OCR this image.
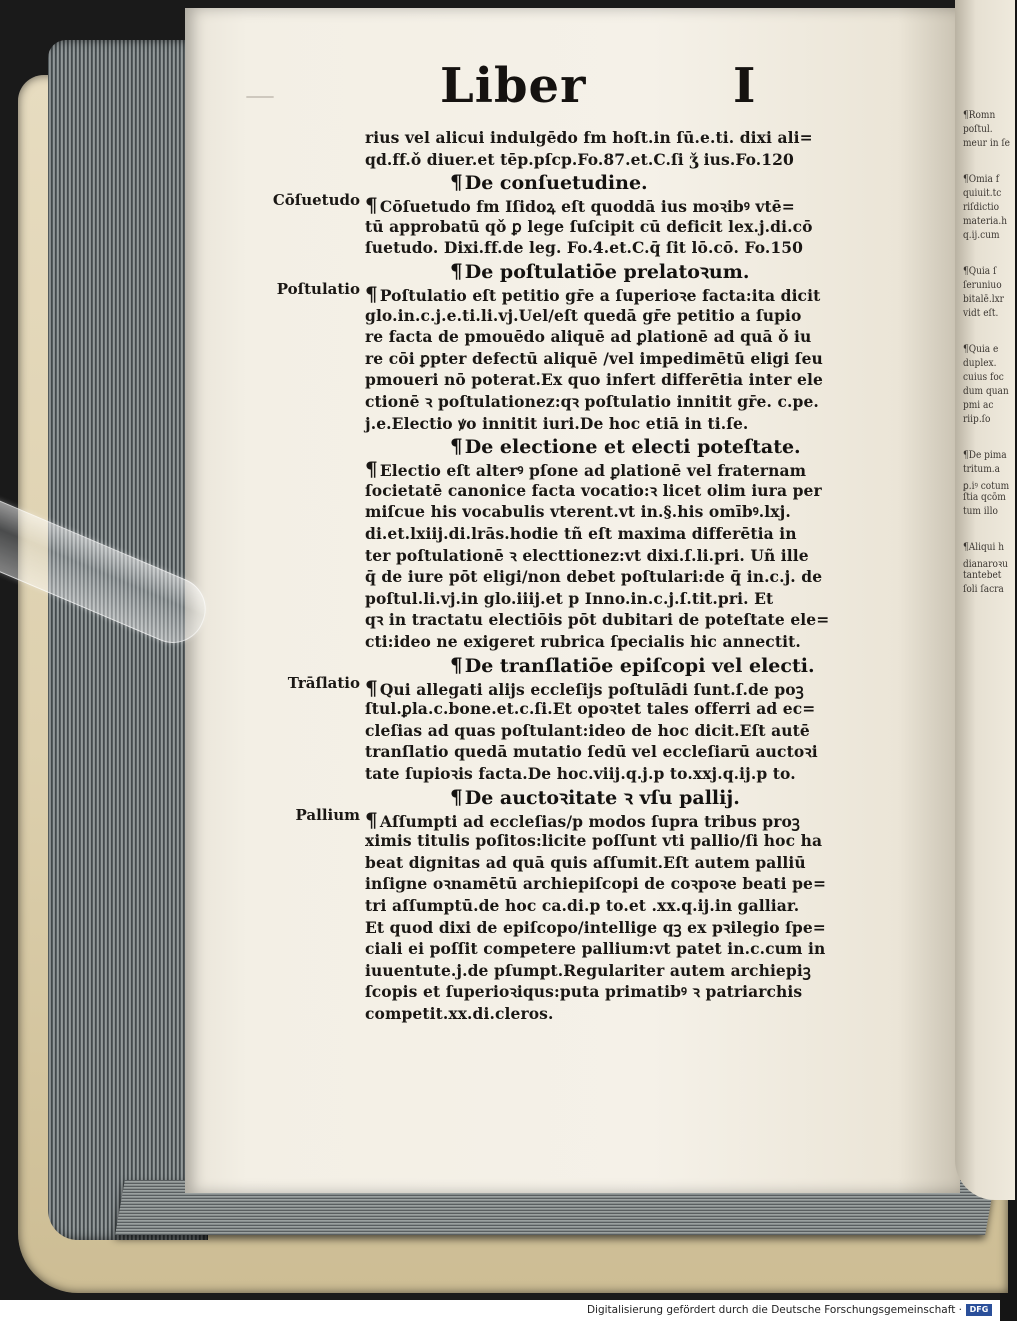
—
¶Romn
poſtul.
meur in ſe
¶Omia f
quiuit.tc
riſdictio
materia.h
q.ij.cum
¶Quia ſ
ſeruniuo
bitalē.lxr
vidt eſt.
¶Quia e
duplex.
cuius foc
dum quan
pmi ac
riip.ſo
¶De pima
tritum.a
ꝑ.iꝰ cotum
ſtia qcōm
tum illo
¶Aliqui h
dianaroꝛu
tantebet
ſoli ſacra
Liber	I
rius vel alicui indulgēdo fm hoſt.in ſū.e.ti. dixi ali=
qd.ff.ǒ diuer.et tēp.pſcp.Fo.87.et.C.ſi ǯ ius.Fo.120
¶ De conſuetudine.
Cōſuetudo ¶ Cōſuetudo fm Iſidoꝝ eſt quoddā ius moꝛibꝰ vtē=
tū approbatū qǒ ꝑ lege ſuſcipit cū deficit lex.j.di.cō
ſuetudo. Dixi.ff.de leg. Fo.4.et.C.q̄ ſit lō.cō. Fo.150
¶ De poſtulatiōe prelatoꝛum.
Poſtulatio ¶ Poſtulatio eſt petitio gr̄e a ſuperioꝛe facta:ita dicit
glo.in.c.j.e.ti.li.vj.Uel/eſt quedā gr̄e petitio a ſupio
re facta de pmouēdo aliquē ad ꝑlationē ad quā ǒ iu
re cōi ꝑpter defectū aliquē /vel impedimētū eligi ſeu
pmoueri nō poterat.Ex quo infert differētia inter ele
ctionē ꝛ poſtulationez:qꝛ poſtulatio innitit gr̄e. c.pe.
j.e.Electio ꝟo innitit iuri.De hoc etiā in ti.ſe.
¶ De electione et electi poteſtate.
¶ Electio eſt alterꝰ pſone ad ꝑlationē vel fraternam
ſocietatē canonice facta vocatio:ꝛ licet olim iura per
miſcue his vocabulis vterent.vt in.§.his omībꝰ.lxj.
di.et.lxiij.di.lrās.hodie tñ eſt maxima differētia in
ter poſtulationē ꝛ electtionez:vt dixi.ſ.li.pri. Uñ ille
q̄ de iure pōt eligi/non debet poſtulari:de q̄ in.c.j. de
poſtul.li.vj.in glo.iiij.et p Inno.in.c.j.ſ.tit.pri. Et
qꝛ in tractatu electiōis pōt dubitari de poteſtate ele=
cti:ideo ne exigeret rubrica ſpecialis hic annectit.
¶ De tranſlatiōe epiſcopi vel electi.
Trāſlatio ¶ Qui allegati alijs eccleſijs poſtulādi ſunt.ſ.de poꝫ
ſtul.ꝑla.c.bone.et.c.ſi.Et opoꝛtet tales offerri ad ec=
cleſias ad quas poſtulant:ideo de hoc dicit.Eſt autē
tranſlatio quedā mutatio ſedū vel eccleſiarū auctoꝛi
tate ſupioꝛis facta.De hoc.viij.q.j.p to.xxj.q.ij.p to.
¶ De auctoꝛitate ꝛ vſu pallij.
Pallium ¶ Aſſumpti ad eccleſias/p modos ſupra tribus proꝫ
ximis titulis poſitos:licite poſſunt vti pallio/ſi hoc ha
beat dignitas ad quā quis aſſumit.Eſt autem palliū
inſigne oꝛnamētū archiepiſcopi de coꝛpoꝛe beati pe=
tri aſſumptū.de hoc ca.di.p to.et .xx.q.ij.in galliar.
Et quod dixi de epiſcopo/intellige qꝫ ex pꝛilegio ſpe=
ciali ei poſſit competere pallium:vt patet in.c.cum in
iuuentute.j.de pſumpt.Regulariter autem archiepiꝫ
ſcopis et ſuperioꝛiqus:puta primatibꝰ ꝛ patriarchis
competit.xx.di.cleros.
Digitalisierung gefördert durch die Deutsche Forschungsgemeinschaft · DFG
